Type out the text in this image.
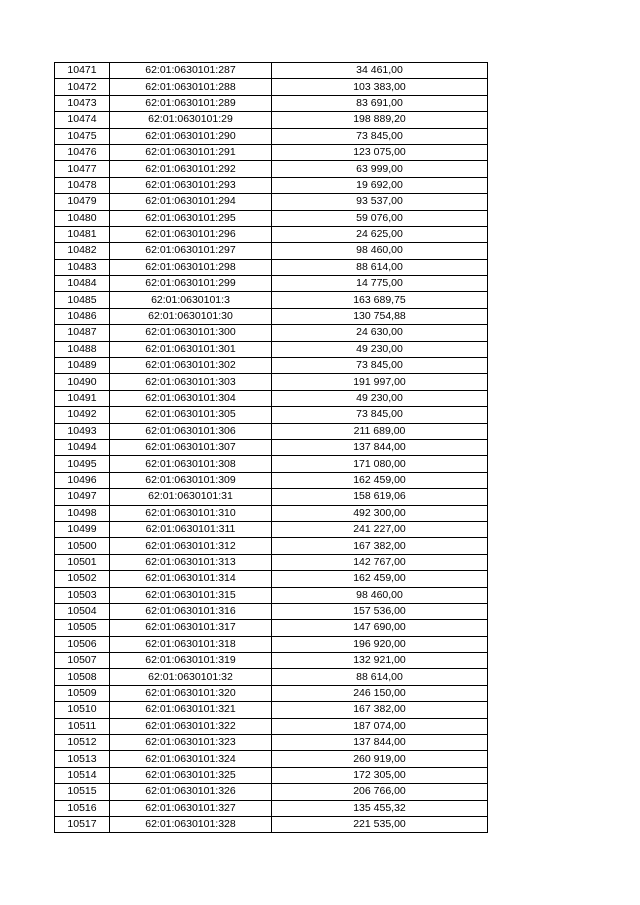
10471	62:01:0630101:287	34 461,00
10472	62:01:0630101:288	103 383,00
10473	62:01:0630101:289	83 691,00
10474	62:01:0630101:29	198 889,20
10475	62:01:0630101:290	73 845,00
10476	62:01:0630101:291	123 075,00
10477	62:01:0630101:292	63 999,00
10478	62:01:0630101:293	19 692,00
10479	62:01:0630101:294	93 537,00
10480	62:01:0630101:295	59 076,00
10481	62:01:0630101:296	24 625,00
10482	62:01:0630101:297	98 460,00
10483	62:01:0630101:298	88 614,00
10484	62:01:0630101:299	14 775,00
10485	62:01:0630101:3	163 689,75
10486	62:01:0630101:30	130 754,88
10487	62:01:0630101:300	24 630,00
10488	62:01:0630101:301	49 230,00
10489	62:01:0630101:302	73 845,00
10490	62:01:0630101:303	191 997,00
10491	62:01:0630101:304	49 230,00
10492	62:01:0630101:305	73 845,00
10493	62:01:0630101:306	211 689,00
10494	62:01:0630101:307	137 844,00
10495	62:01:0630101:308	171 080,00
10496	62:01:0630101:309	162 459,00
10497	62:01:0630101:31	158 619,06
10498	62:01:0630101:310	492 300,00
10499	62:01:0630101:311	241 227,00
10500	62:01:0630101:312	167 382,00
10501	62:01:0630101:313	142 767,00
10502	62:01:0630101:314	162 459,00
10503	62:01:0630101:315	98 460,00
10504	62:01:0630101:316	157 536,00
10505	62:01:0630101:317	147 690,00
10506	62:01:0630101:318	196 920,00
10507	62:01:0630101:319	132 921,00
10508	62:01:0630101:32	88 614,00
10509	62:01:0630101:320	246 150,00
10510	62:01:0630101:321	167 382,00
10511	62:01:0630101:322	187 074,00
10512	62:01:0630101:323	137 844,00
10513	62:01:0630101:324	260 919,00
10514	62:01:0630101:325	172 305,00
10515	62:01:0630101:326	206 766,00
10516	62:01:0630101:327	135 455,32
10517	62:01:0630101:328	221 535,00
